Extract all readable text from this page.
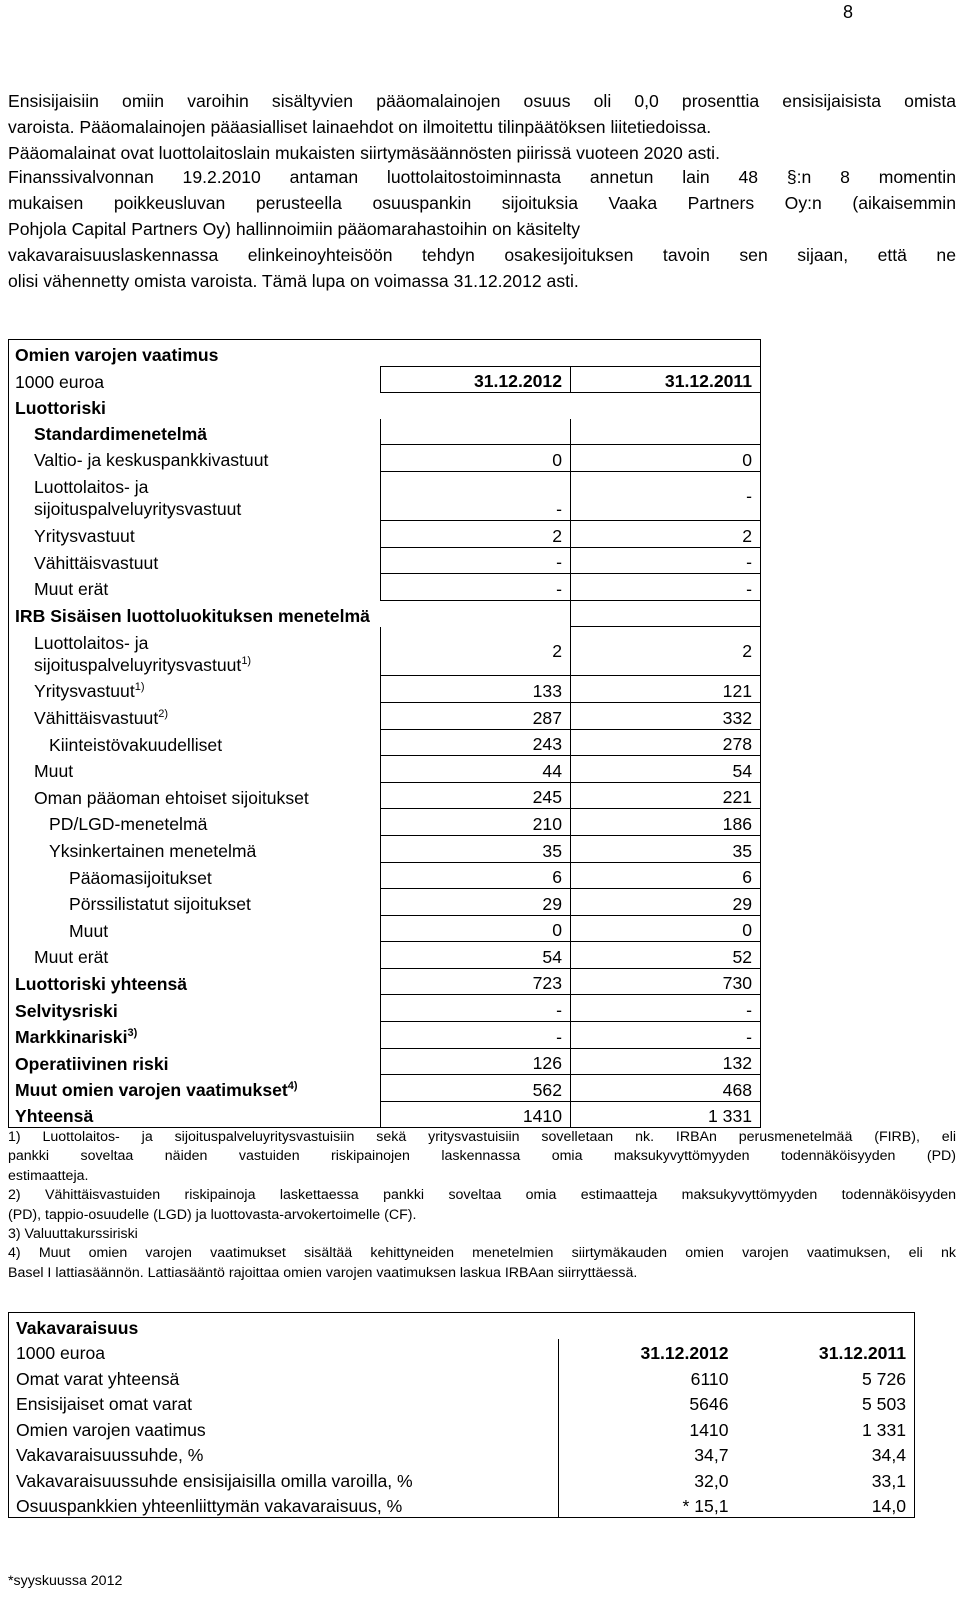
8
Ensisijaisiin omiin varoihin sisältyvien pääomalainojen osuus oli 0,0 prosenttia ensisijaisista omista
varoista. Pääomalainojen pääasialliset lainaehdot on ilmoitettu tilinpäätöksen liitetiedoissa.
Pääomalainat ovat luottolaitoslain mukaisten siirtymäsäännösten piirissä vuoteen 2020 asti.
Finanssivalvonnan 19.2.2010 antaman luottolaitostoiminnasta annetun lain 48 §:n 8 momentin
mukaisen poikkeusluvan perusteella osuuspankin sijoituksia Vaaka Partners Oy:n (aikaisemmin
Pohjola Capital Partners Oy) hallinnoimiin pääomarahastoihin on käsitelty
vakavaraisuuslaskennassa elinkeinoyhteisöön tehdyn osakesijoituksen tavoin sen sijaan, että ne
olisi vähennetty omista varoista. Tämä lupa on voimassa 31.12.2012 asti.
Omien varojen vaatimus		
1000 euroa	31.12.2012	31.12.2011
Luottoriski		
Standardimenetelmä		
Valtio- ja keskuspankkivastuut	0	0
Luottolaitos- ja
sijoituspalveluyritysvastuut	-	-
Yritysvastuut	2	2
Vähittäisvastuut	-	-
Muut erät	-	-
IRB Sisäisen luottoluokituksen menetelmä		
Luottolaitos- ja
sijoituspalveluyritysvastuut$^{1)}$	2	2
Yritysvastuut$^{1)}$	133	121
Vähittäisvastuut$^{2)}$	287	332
Kiinteistövakuudelliset	243	278
Muut	44	54
Oman pääoman ehtoiset sijoitukset	245	221
PD/LGD-menetelmä	210	186
Yksinkertainen menetelmä	35	35
Pääomasijoitukset	6	6
Pörssilistatut sijoitukset	29	29
Muut	0	0
Muut erät	54	52
Luottoriski yhteensä	723	730
Selvitysriski	-	-
Markkinariski$^{3)}$	-	-
Operatiivinen riski	126	132
Muut omien varojen vaatimukset$^{4)}$	562	468
Yhteensä	1410	1 331
1) Luottolaitos- ja sijoituspalveluyritysvastuisiin sekä yritysvastuisiin sovelletaan nk. IRBAn perusmenetelmää (FIRB), eli
pankki soveltaa näiden vastuiden riskipainojen laskennassa omia maksukyvyttömyyden todennäköisyyden (PD)
estimaatteja.
2) Vähittäisvastuiden riskipainoja laskettaessa pankki soveltaa omia estimaatteja maksukyvyttömyyden todennäköisyyden
(PD), tappio-osuudelle (LGD) ja luottovasta-arvokertoimelle (CF).
3) Valuuttakurssiriski
4) Muut omien varojen vaatimukset sisältää kehittyneiden menetelmien siirtymäkauden omien varojen vaatimuksen, eli nk
Basel I lattiasäännön. Lattiasääntö rajoittaa omien varojen vaatimuksen laskua IRBAan siirryttäessä.
Vakavaraisuus		
1000 euroa	31.12.2012	31.12.2011
Omat varat yhteensä	6110	5 726
Ensisijaiset omat varat	5646	5 503
Omien varojen vaatimus	1410	1 331
Vakavaraisuussuhde, %	34,7	34,4
Vakavaraisuussuhde ensisijaisilla omilla varoilla, %	32,0	33,1
Osuuspankkien yhteenliittymän vakavaraisuus, %	* 15,1	14,0
*syyskuussa 2012
